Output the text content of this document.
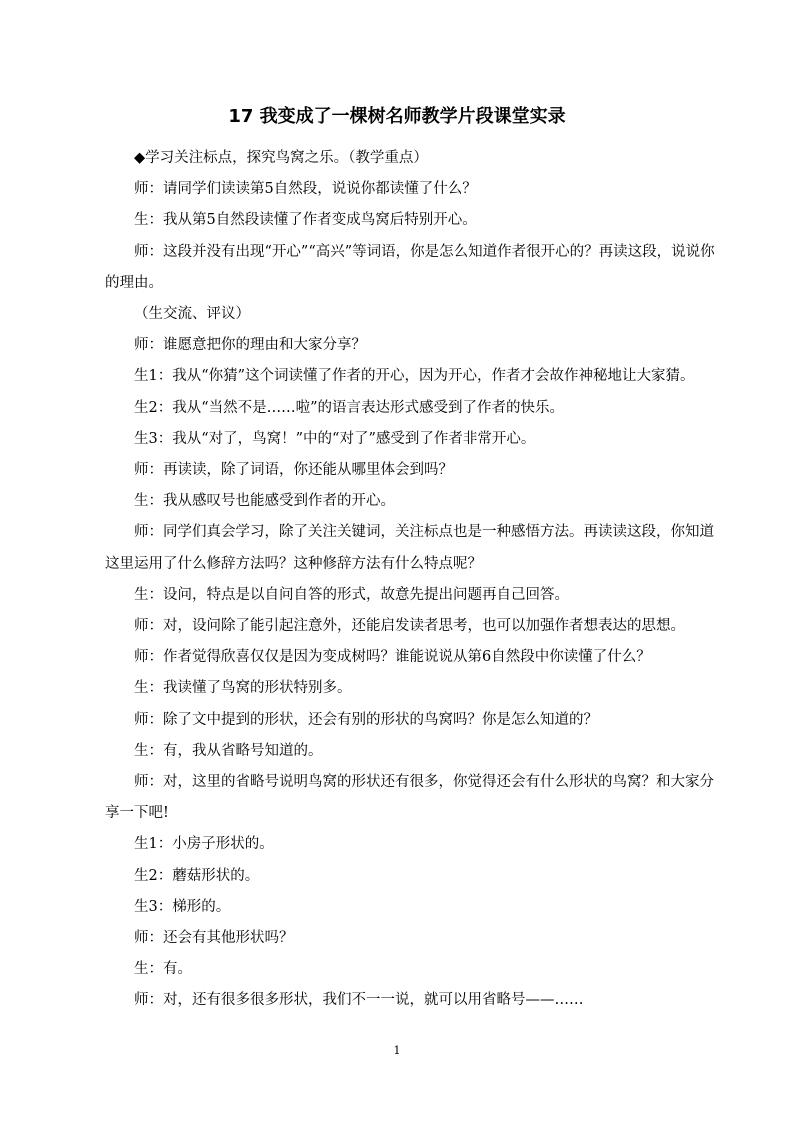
17 我变成了一棵树名师教学片段课堂实录

◆学习关注标点，探究鸟窝之乐。（教学重点）

师：请同学们读读第5自然段，说说你都读懂了什么？

生：我从第5自然段读懂了作者变成鸟窝后特别开心。

师：这段并没有出现“开心”“高兴”等词语，你是怎么知道作者很开心的？再读这段，说说你的理由。

（生交流、评议）

师：谁愿意把你的理由和大家分享？

生1：我从“你猜”这个词读懂了作者的开心，因为开心，作者才会故作神秘地让大家猜。

生2：我从“当然不是……啦”的语言表达形式感受到了作者的快乐。

生3：我从“对了，鸟窝！”中的“对了”感受到了作者非常开心。

师：再读读，除了词语，你还能从哪里体会到吗？

生：我从感叹号也能感受到作者的开心。

师：同学们真会学习，除了关注关键词，关注标点也是一种感悟方法。再读读这段，你知道这里运用了什么修辞方法吗？这种修辞方法有什么特点呢？

生：设问，特点是以自问自答的形式，故意先提出问题再自己回答。

师：对，设问除了能引起注意外，还能启发读者思考，也可以加强作者想表达的思想。

师：作者觉得欣喜仅仅是因为变成树吗？谁能说说从第6自然段中你读懂了什么？

生：我读懂了鸟窝的形状特别多。

师：除了文中提到的形状，还会有别的形状的鸟窝吗？你是怎么知道的？

生：有，我从省略号知道的。

师：对，这里的省略号说明鸟窝的形状还有很多，你觉得还会有什么形状的鸟窝？和大家分享一下吧!

生1：小房子形状的。

生2：蘑菇形状的。

生3：梯形的。

师：还会有其他形状吗？

生：有。

师：对，还有很多很多形状，我们不一一说，就可以用省略号——……

1
